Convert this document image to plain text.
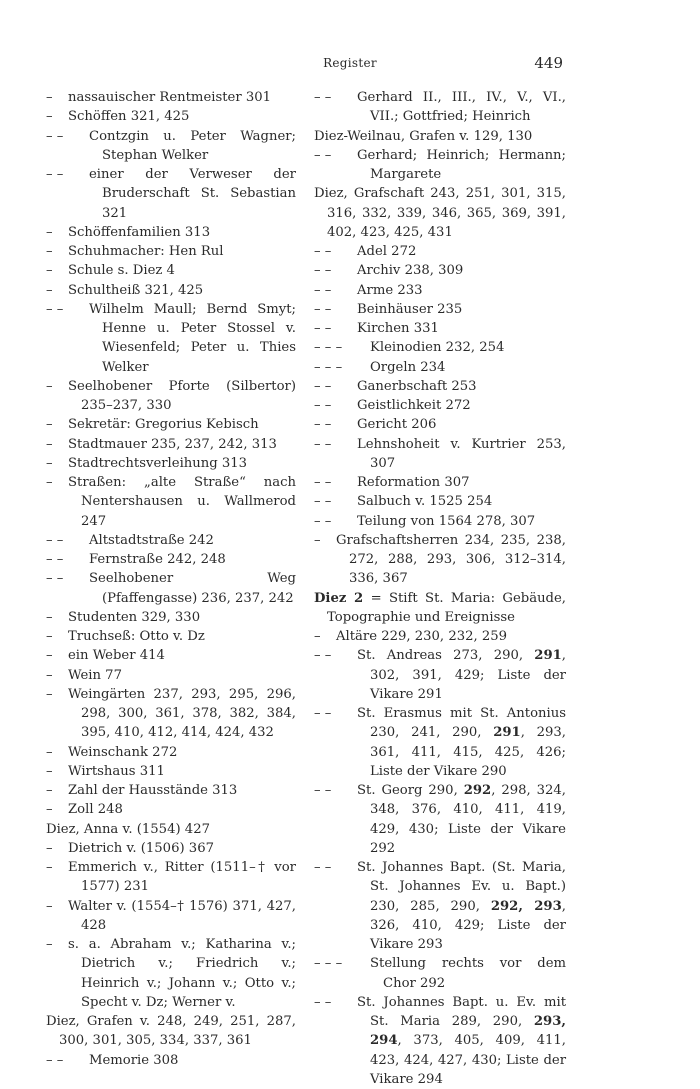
Register	449
–	nassauischer Rentmeister 301
–	Schöffen 321, 425
– –	Contzgin u. Peter Wagner; Stephan Welker
– –	einer der Verweser der Bruderschaft St. Sebastian 321
–	Schöffenfamilien 313
–	Schuhmacher: Hen Rul
–	Schule s. Diez 4
–	Schultheiß 321, 425
– –	Wilhelm Maull; Bernd Smyt; Henne u. Peter Stossel v. Wiesenfeld; Peter u. Thies Welker
–	Seelhobener Pforte (Silbertor) 235–237, 330
–	Sekretär: Gregorius Kebisch
–	Stadtmauer 235, 237, 242, 313
–	Stadtrechtsverleihung 313
–	Straßen: „alte Straße“ nach Nentershausen u. Wallmerod 247
– –	Altstadtstraße 242
– –	Fernstraße 242, 248
– –	Seelhobener Weg (Pfaffengasse) 236, 237, 242
–	Studenten 329, 330
–	Truchseß: Otto v. Dz
–	ein Weber 414
–	Wein 77
–	Weingärten 237, 293, 295, 296, 298, 300, 361, 378, 382, 384, 395, 410, 412, 414, 424, 432
–	Weinschank 272
–	Wirtshaus 311
–	Zahl der Hausstände 313
–	Zoll 248
Diez, Anna v. (1554) 427
–	Dietrich v. (1506) 367
–	Emmerich v., Ritter (1511–† vor 1577) 231
–	Walter v. (1554–† 1576) 371, 427, 428
–	s. a. Abraham v.; Katharina v.; Dietrich v.; Friedrich v.; Heinrich v.; Johann v.; Otto v.; Specht v. Dz; Werner v.
Diez, Grafen v. 248, 249, 251, 287, 300, 301, 305, 334, 337, 361
– –	Memorie 308
– –	Gerhard II., III., IV., V., VI., VII.; Gottfried; Heinrich
Diez-Weilnau, Grafen v. 129, 130
– –	Gerhard; Heinrich; Hermann; Margarete
Diez, Grafschaft 243, 251, 301, 315, 316, 332, 339, 346, 365, 369, 391, 402, 423, 425, 431
– –	Adel 272
– –	Archiv 238, 309
– –	Arme 233
– –	Beinhäuser 235
– –	Kirchen 331
– – –	Kleinodien 232, 254
– – –	Orgeln 234
– –	Ganerbschaft 253
– –	Geistlichkeit 272
– –	Gericht 206
– –	Lehnshoheit v. Kurtrier 253, 307
– –	Reformation 307
– –	Salbuch v. 1525 254
– –	Teilung von 1564 278, 307
–	Grafschaftsherren 234, 235, 238, 272, 288, 293, 306, 312–314, 336, 367
Diez 2 = Stift St. Maria: Gebäude, Topographie und Ereignisse
–	Altäre 229, 230, 232, 259
– –	St. Andreas 273, 290, 291, 302, 391, 429; Liste der Vikare 291
– –	St. Erasmus mit St. Antonius 230, 241, 290, 291, 293, 361, 411, 415, 425, 426; Liste der Vikare 290
– –	St. Georg 290, 292, 298, 324, 348, 376, 410, 411, 419, 429, 430; Liste der Vikare 292
– –	St. Johannes Bapt. (St. Maria, St. Johannes Ev. u. Bapt.) 230, 285, 290, 292, 293, 326, 410, 429; Liste der Vikare 293
– – –	Stellung rechts vor dem Chor 292
– –	St. Johannes Bapt. u. Ev. mit St. Maria 289, 290, 293, 294, 373, 405, 409, 411, 423, 424, 427, 430; Liste der Vikare 294
